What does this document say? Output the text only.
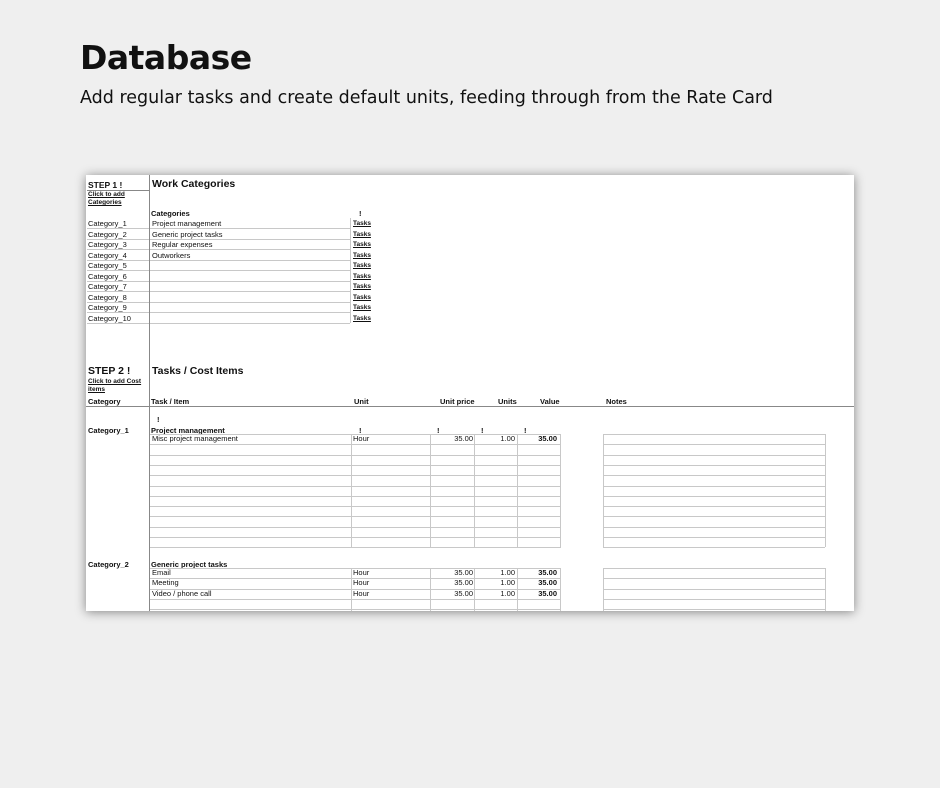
Database

Add regular tasks and create default units, feeding through from the Rate Card

STEP 1 !
Click to add Categories
Work Categories
Categories	!
Category_1	Project management	Tasks
Category_2	Generic project tasks	Tasks
Category_3	Regular expenses	Tasks
Category_4	Outworkers	Tasks
Category_5	Tasks
Category_6	Tasks
Category_7	Tasks
Category_8	Tasks
Category_9	Tasks
Category_10	Tasks
STEP 2 !
Click to add Cost items
Tasks / Cost Items
Category	Task / Item	Unit	Unit price	Units	Value	Notes
!
Category_1	Project management	!	!	!	!
Misc project management	Hour	35.00	1.00	35.00
Category_2	Generic project tasks
Email	Hour	35.00	1.00	35.00
Meeting	Hour	35.00	1.00	35.00
Video / phone call	Hour	35.00	1.00	35.00
